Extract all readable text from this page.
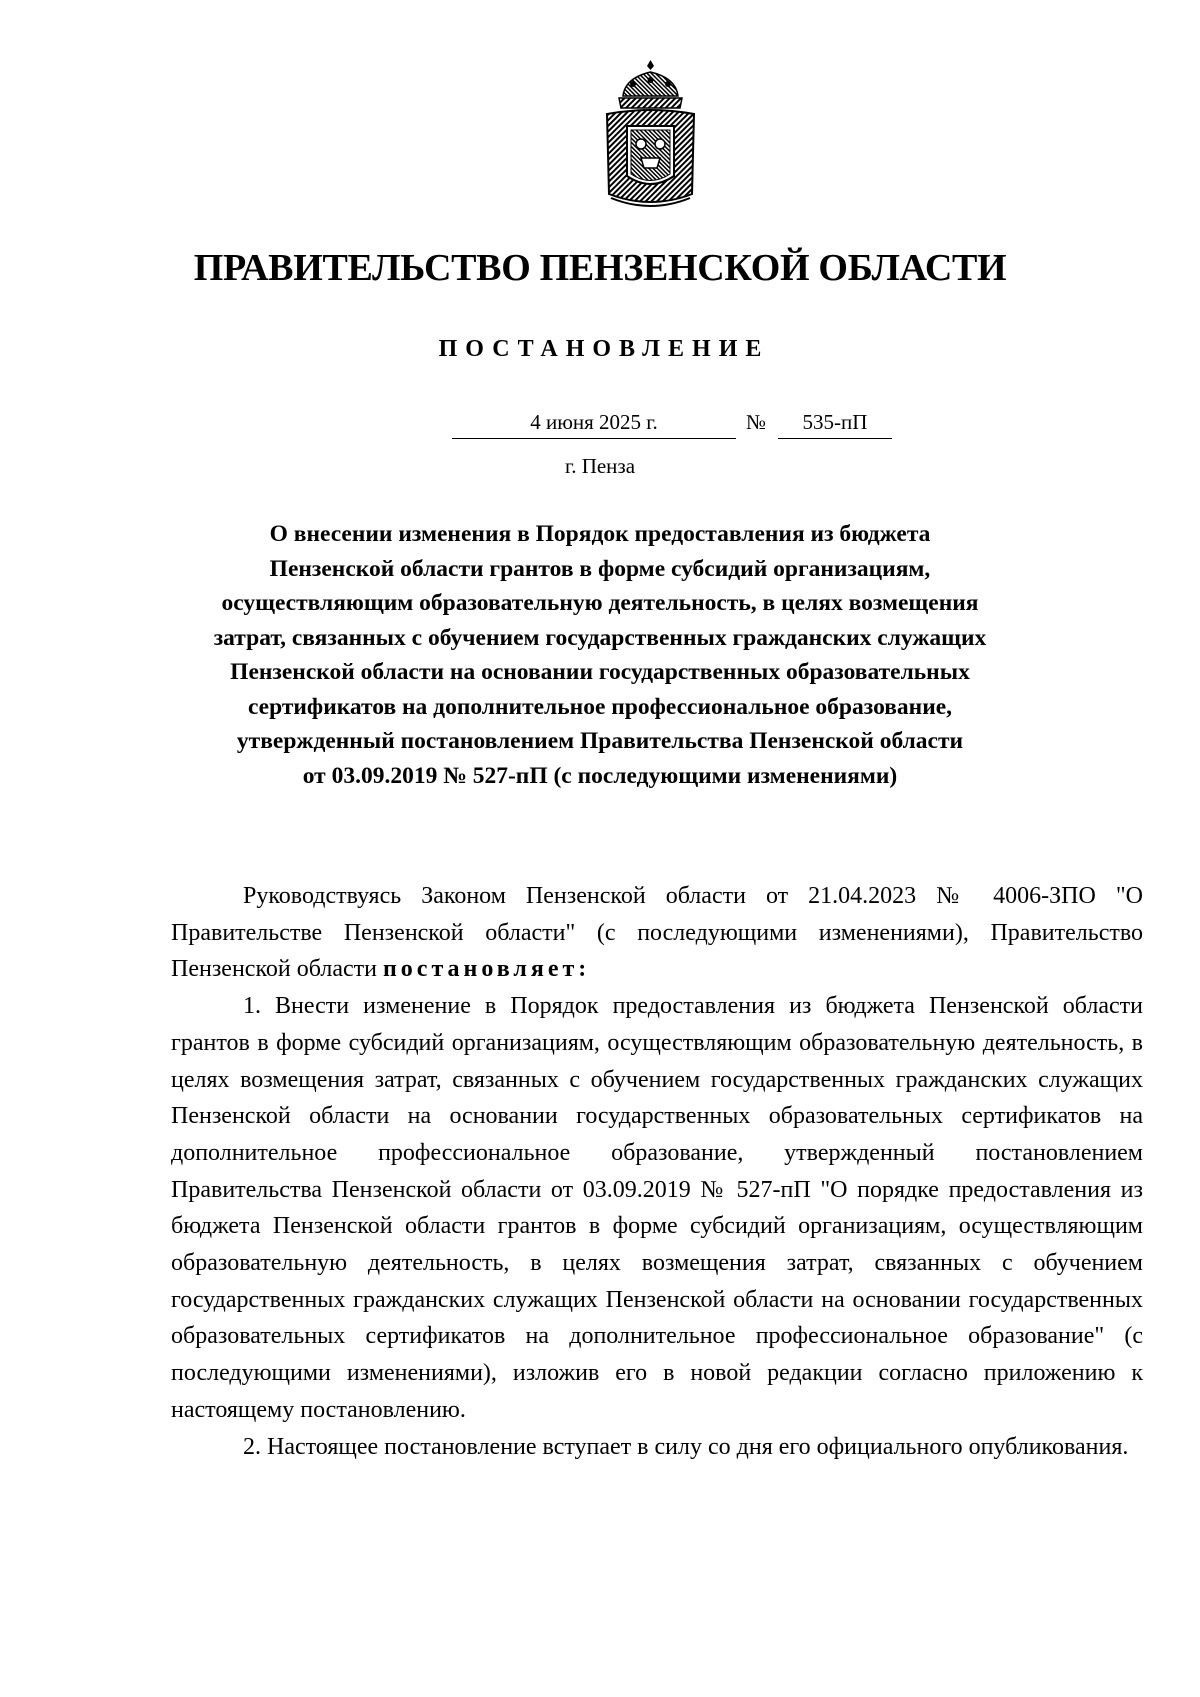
ПРАВИТЕЛЬСТВО ПЕНЗЕНСКОЙ ОБЛАСТИ
ПОСТАНОВЛЕНИЕ
4 июня 2025 г.	№	535-пП
г. Пенза
О внесении изменения в Порядок предоставления из бюджета
Пензенской области грантов в форме субсидий организациям,
осуществляющим образовательную деятельность, в целях возмещения
затрат, связанных с обучением государственных гражданских служащих
Пензенской области на основании государственных образовательных
сертификатов на дополнительное профессиональное образование,
утвержденный постановлением Правительства Пензенской области
от 03.09.2019 № 527-пП (с последующими изменениями)

Руководствуясь Законом Пензенской области от 21.04.2023 № 4006-ЗПО "О Правительстве Пензенской области" (с последующими изменениями), Правительство Пензенской области постановляет:

1. Внести изменение в Порядок предоставления из бюджета Пензенской области грантов в форме субсидий организациям, осуществляющим образовательную деятельность, в целях возмещения затрат, связанных с обучением государственных гражданских служащих Пензенской области на основании государственных образовательных сертификатов на дополнительное профессиональное образование, утвержденный постановлением Правительства Пензенской области от 03.09.2019 № 527-пП "О порядке предоставления из бюджета Пензенской области грантов в форме субсидий организациям, осуществляющим образовательную деятельность, в целях возмещения затрат, связанных с обучением государственных гражданских служащих Пензенской области на основании государственных образовательных сертификатов на дополнительное профессиональное образование" (с последующими изменениями), изложив его в новой редакции согласно приложению к настоящему постановлению.

2. Настоящее постановление вступает в силу со дня его официального опубликования.
